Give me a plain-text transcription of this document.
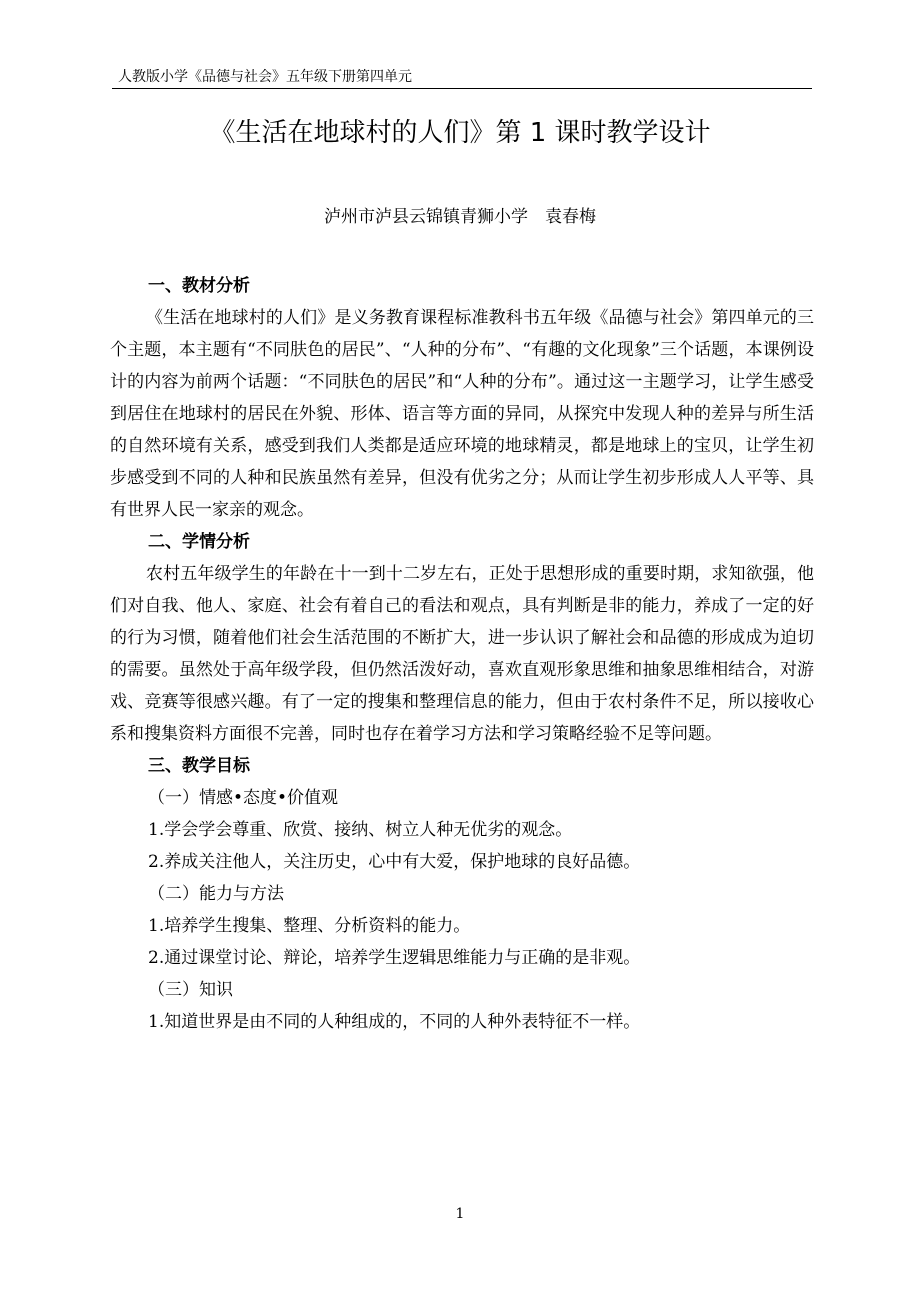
人教版小学《品德与社会》五年级下册第四单元
《生活在地球村的人们》第 1 课时教学设计
泸州市泸县云锦镇青狮小学　袁春梅

一、教材分析

《生活在地球村的人们》是义务教育课程标准教科书五年级《品德与社会》第四单元的三个主题，本主题有“不同肤色的居民”、“人种的分布”、“有趣的文化现象”三个话题，本课例设计的内容为前两个话题：“不同肤色的居民”和“人种的分布”。通过这一主题学习，让学生感受到居住在地球村的居民在外貌、形体、语言等方面的异同，从探究中发现人种的差异与所生活的自然环境有关系，感受到我们人类都是适应环境的地球精灵，都是地球上的宝贝，让学生初步感受到不同的人种和民族虽然有差异，但没有优劣之分；从而让学生初步形成人人平等、具有世界人民一家亲的观念。

二、学情分析

农村五年级学生的年龄在十一到十二岁左右，正处于思想形成的重要时期，求知欲强，他们对自我、他人、家庭、社会有着自己的看法和观点，具有判断是非的能力，养成了一定的好的行为习惯，随着他们社会生活范围的不断扩大，进一步认识了解社会和品德的形成成为迫切的需要。虽然处于高年级学段，但仍然活泼好动，喜欢直观形象思维和抽象思维相结合，对游戏、竞赛等很感兴趣。有了一定的搜集和整理信息的能力，但由于农村条件不足，所以接收心系和搜集资料方面很不完善，同时也存在着学习方法和学习策略经验不足等问题。

三、教学目标

（一）情感•态度•价值观

1.学会学会尊重、欣赏、接纳、树立人种无优劣的观念。

2.养成关注他人，关注历史，心中有大爱，保护地球的良好品德。

（二）能力与方法

1.培养学生搜集、整理、分析资料的能力。

2.通过课堂讨论、辩论，培养学生逻辑思维能力与正确的是非观。

（三）知识

1.知道世界是由不同的人种组成的，不同的人种外表特征不一样。

1
